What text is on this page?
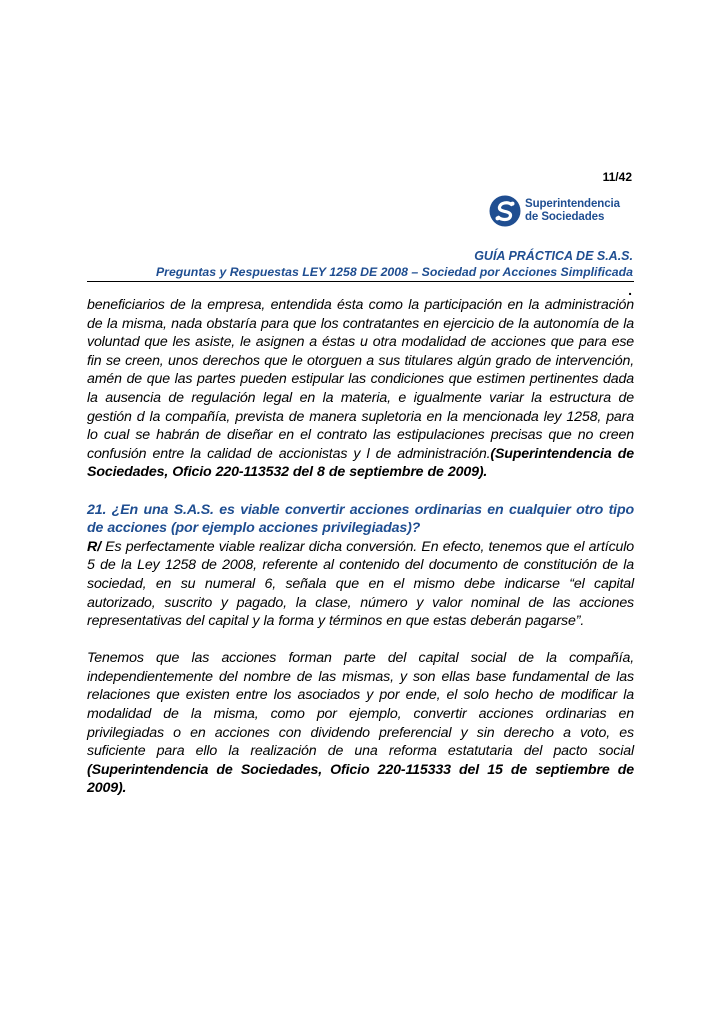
11/42
Superintendencia
de Sociedades
GUÍA PRÁCTICA DE S.A.S.
Preguntas y Respuestas LEY 1258 DE 2008 – Sociedad por Acciones Simplificada
.

beneficiarios de la empresa, entendida ésta como la participación en la administración de la misma, nada obstaría para que los contratantes en ejercicio de la autonomía de la voluntad que les asiste, le asignen a éstas u otra modalidad de acciones que para ese fin se creen, unos derechos que le otorguen a sus titulares algún grado de intervención, amén de que las partes pueden estipular las condiciones que estimen pertinentes dada la ausencia de regulación legal en la materia, e igualmente variar la estructura de gestión d la compañía, prevista de manera supletoria en la mencionada ley 1258, para lo cual se habrán de diseñar en el contrato las estipulaciones precisas que no creen confusión entre la calidad de accionistas y l de administración.(Superintendencia de Sociedades, Oficio 220-113532 del 8 de septiembre de 2009).

21. ¿En una S.A.S. es viable convertir acciones ordinarias en cualquier otro tipo de acciones (por ejemplo acciones privilegiadas)?

R/ Es perfectamente viable realizar dicha conversión. En efecto, tenemos que el artículo 5 de la Ley 1258 de 2008, referente al contenido del documento de constitución de la sociedad, en su numeral 6, señala que en el mismo debe indicarse “el capital autorizado, suscrito y pagado, la clase, número y valor nominal de las acciones representativas del capital y la forma y términos en que estas deberán pagarse”.

Tenemos que las acciones forman parte del capital social de la compañía, independientemente del nombre de las mismas, y son ellas base fundamental de las relaciones que existen entre los asociados y por ende, el solo hecho de modificar la modalidad de la misma, como por ejemplo, convertir acciones ordinarias en privilegiadas o en acciones con dividendo preferencial y sin derecho a voto, es suficiente para ello la realización de una reforma estatutaria del pacto social (Superintendencia de Sociedades, Oficio 220-115333 del 15 de septiembre de 2009).
